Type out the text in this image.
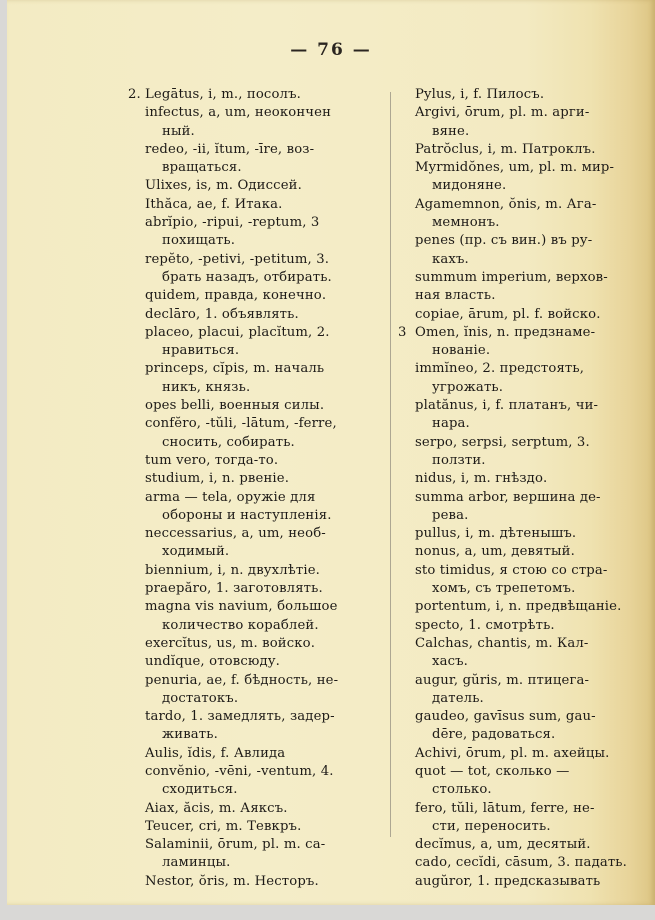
— 76 —
2. Legātus, i, m., посолъ.
infectus, a, um, неокончен
ный.
redeo, -ii, ĭtum, -īre, воз-
вращаться.
Ulixes, is, m. Одиссей.
Ithăca, ae, f. Итака.
abrĭpio, -ripui, -reptum, 3
похищать.
repĕto, -petivi, -petitum, 3.
брать назадъ, отбирать.
quidem, правда, конечно.
declāro, 1. объявлять.
placeo, placui, placĭtum, 2.
нравиться.
princeps, cĭpis, m. началь
никъ, князь.
opes belli, военныя силы.
confĕro, -tŭli, -lātum, -ferre,
сносить, собирать.
tum vero, тогда-то.
studium, i, n. рвеніе.
arma — tela, оружіе для
обороны и наступленія.
neccessarius, a, um, необ-
ходимый.
biennium, i, n. двухлѣтіе.
praepăro, 1. заготовлять.
magna vis navium, большое
количество кораблей.
exercĭtus, us, m. войско.
undĭque, отовсюду.
penuria, ae, f. бѣдность, не-
достатокъ.
tardo, 1. замедлять, задер-
живать.
Aulis, ĭdis, f. Авлида
convĕnio, -vēni, -ventum, 4.
сходиться.
Aiax, ăcis, m. Аяксъ.
Teucer, cri, m. Тевкръ.
Salaminii, ōrum, pl. m. са-
ламинцы.
Nestor, ŏris, m. Несторъ.
Pylus, i, f. Пилосъ.
Argivi, ōrum, pl. m. арги-
вяне.
Patrŏclus, i, m. Патроклъ.
Myrmidŏnes, um, pl. m. мир-
мидоняне.
Agamemnon, ŏnis, m. Ага-
мемнонъ.
penes (пр. съ вин.) въ ру-
кахъ.
summum imperium, верхов-
ная власть.
copiae, ārum, pl. f. войско.
3 Omen, ĭnis, n. предзнаме-
нованіе.
immĭneo, 2. предстоять,
угрожать.
platănus, i, f. платанъ, чи-
нара.
serpo, serpsi, serptum, 3.
ползти.
nidus, i, m. гнѣздо.
summa arbor, вершина де-
рева.
pullus, i, m. дѣтенышъ.
nonus, a, um, девятый.
sto timidus, я стою со стра-
хомъ, съ трепетомъ.
portentum, i, n. предвѣщаніе.
specto, 1. смотрѣть.
Calchas, chantis, m. Кал-
хасъ.
augur, gŭris, m. птицега-
датель.
gaudeo, gavīsus sum, gau-
dēre, радоваться.
Achivi, ōrum, pl. m. ахейцы.
quot — tot, сколько —
столько.
fero, tŭli, lātum, ferre, не-
сти, переносить.
decĭmus, a, um, десятый.
cado, cecĭdi, cāsum, 3. падать.
augŭror, 1. предсказывать
